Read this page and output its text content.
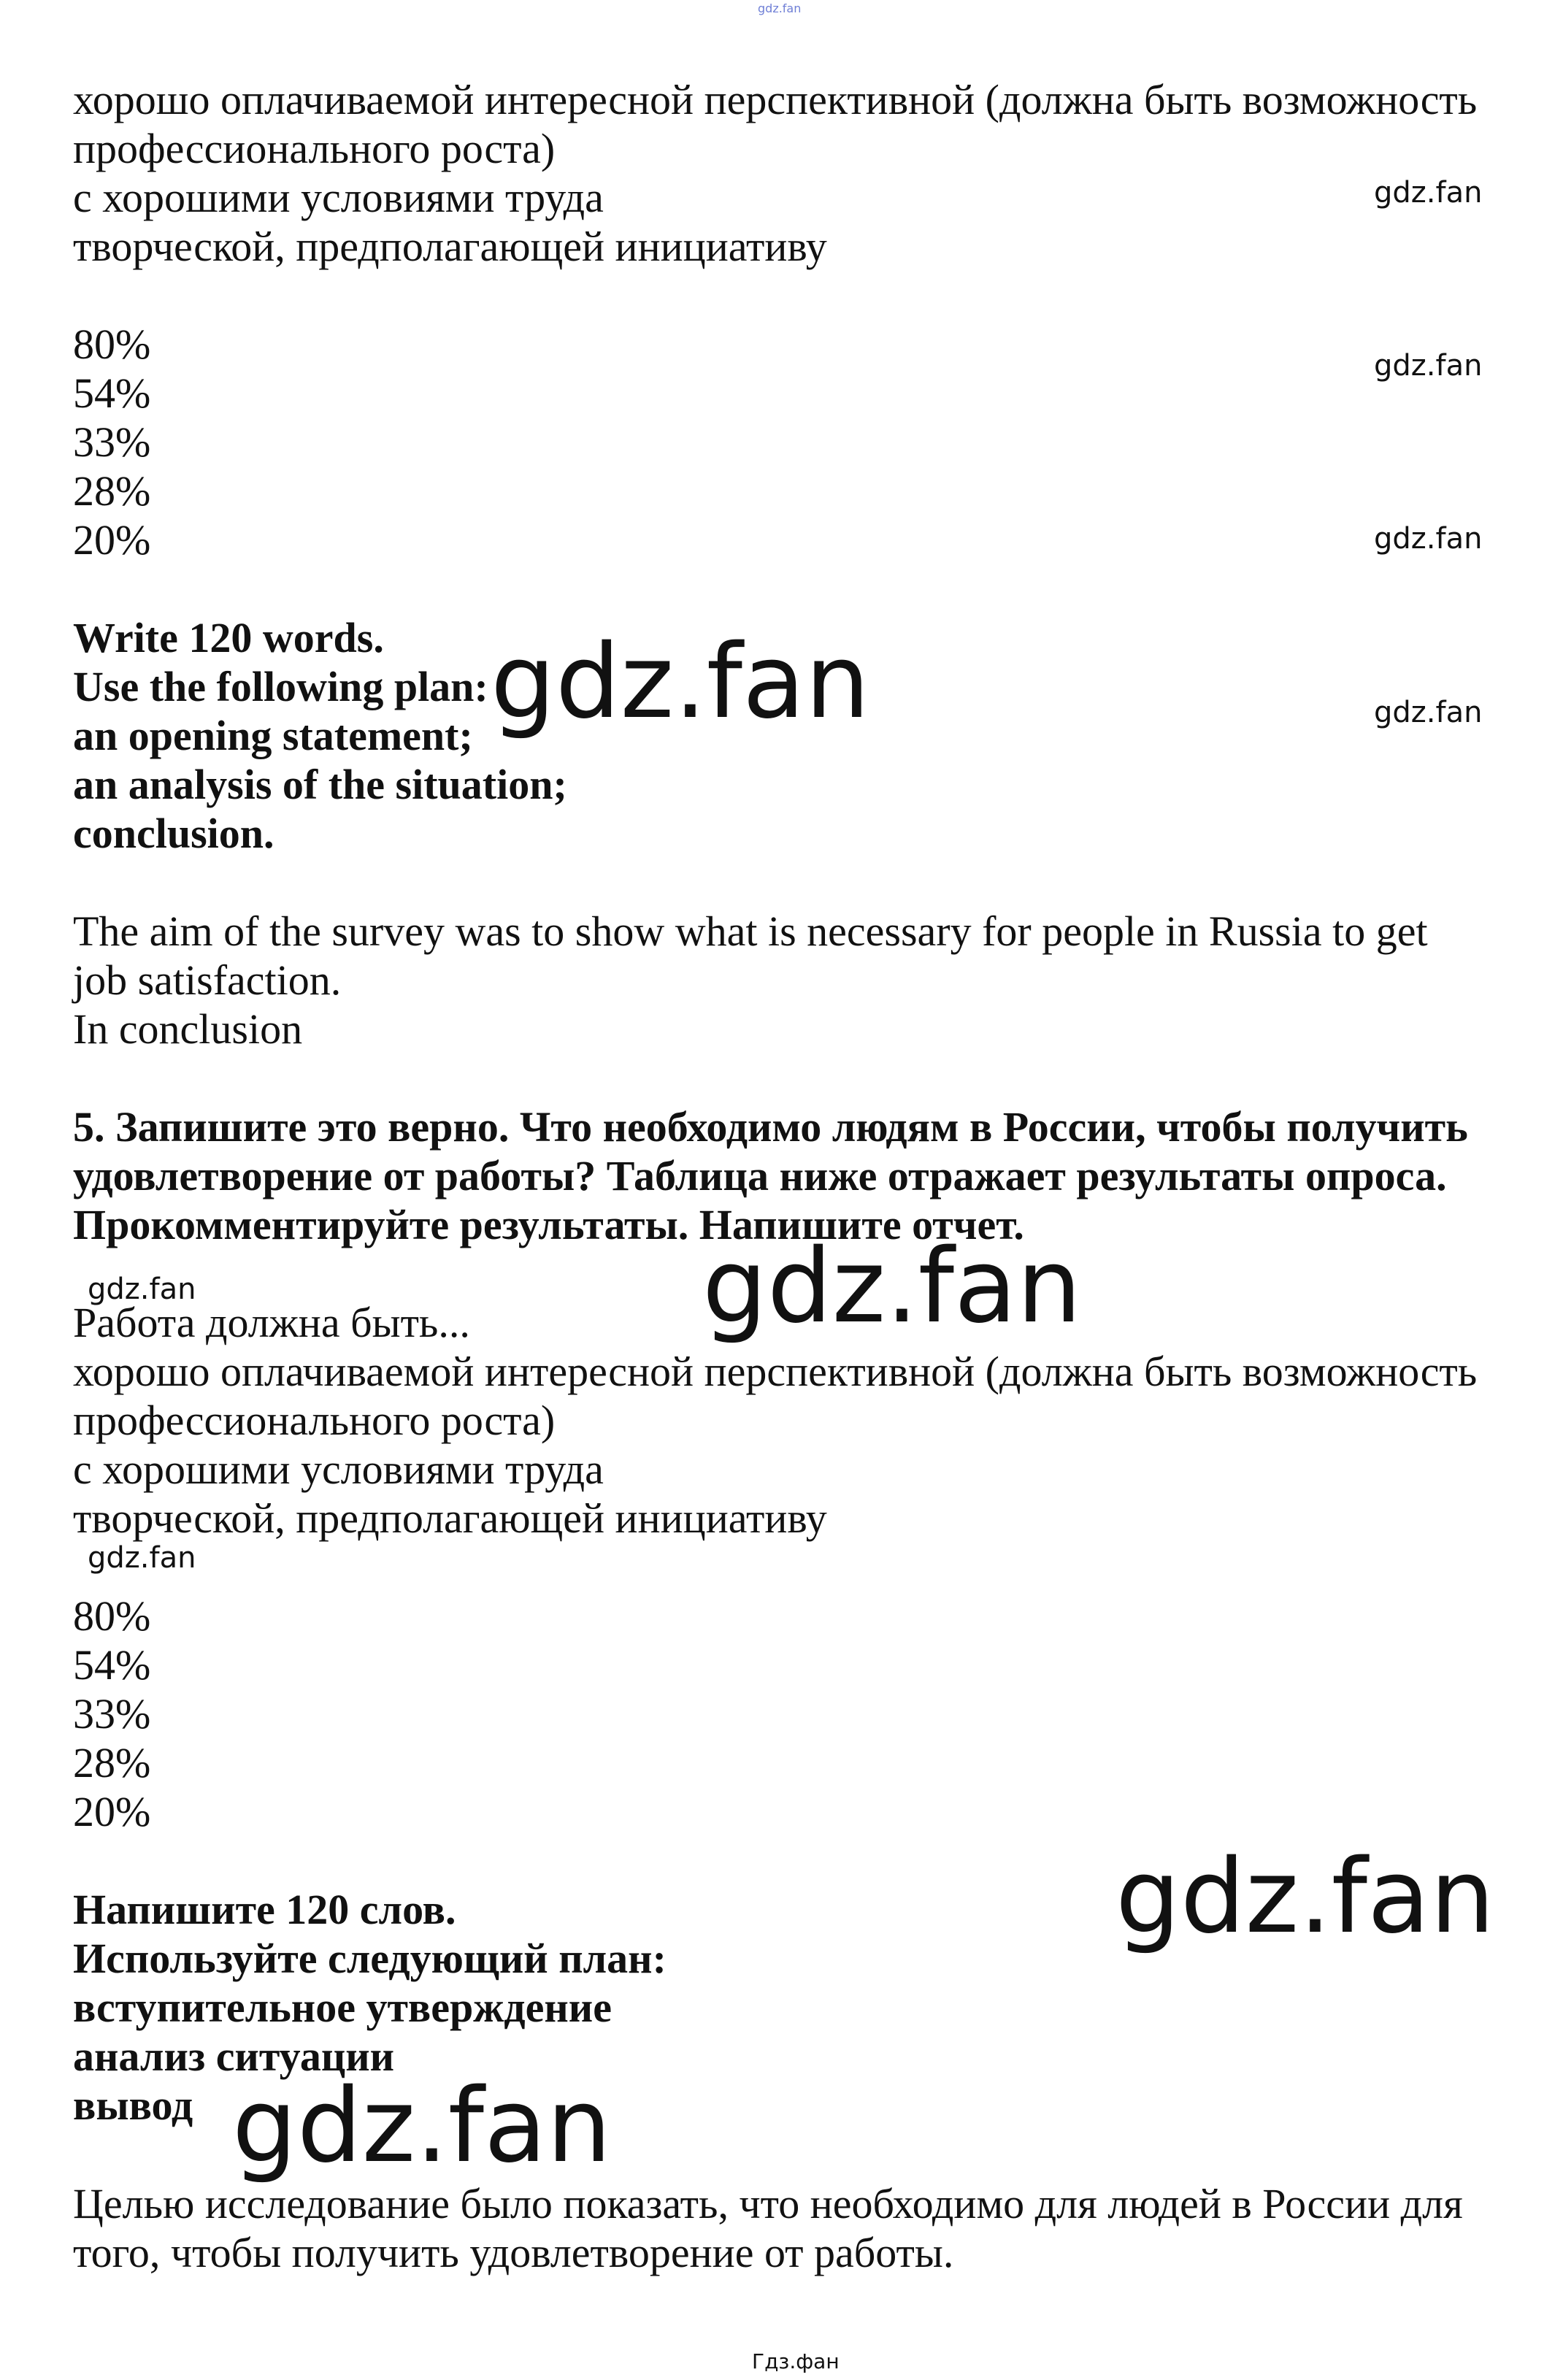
gdz.fan

хорошо оплачиваемой интересной перспективной (должна быть возможность

профессионального роста)

с хорошими условиями труда

творческой, предполагающей инициативу

80%

54%

33%

28%

20%

Write 120 words.

Use the following plan:

an opening statement;

an analysis of the situation;

conclusion.

The aim of the survey was to show what is necessary for people in Russia to get

job satisfaction.

In conclusion

5. Запишите это верно. Что необходимо людям в России, чтобы получить

удовлетворение от работы? Таблица ниже отражает результаты опроса.

Прокомментируйте результаты. Напишите отчет.

Работа должна быть...

хорошо оплачиваемой интересной перспективной (должна быть возможность

профессионального роста)

с хорошими условиями труда

творческой, предполагающей инициативу

80%

54%

33%

28%

20%

Напишите 120 слов.

Используйте следующий план:

вступительное утверждение

анализ ситуации

вывод

Целью исследование было показать, что необходимо для людей в России для

того, чтобы получить удовлетворение от работы.

gdz.fan
gdz.fan
gdz.fan
gdz.fan
gdz.fan
gdz.fan
gdz.fan
gdz.fan
gdz.fan
gdz.fan
Гдз.фан
